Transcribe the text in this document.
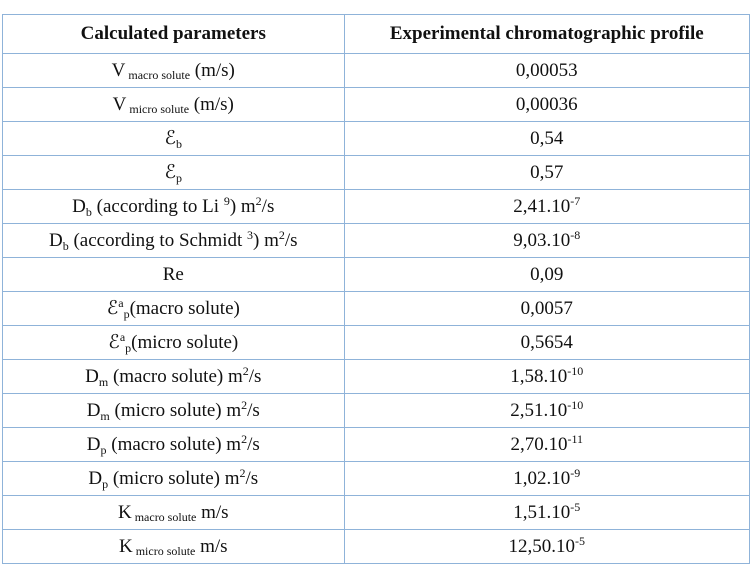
Calculated parameters	Experimental chromatographic profile
V $_{macro solute}$ (m/s)	0,00053
V $_{micro solute}$ (m/s)	0,00036
ℰ$_b$	0,54
ℰ$_p$	0,57
$D_b$ (according to Li $^9$) $m^2/s$	$2,41.10^{-7}$
$D_b$ (according to Schmidt $^3$) $m^2/s$	$9,03.10^{-8}$
Re	0,09
ℰ$^a_p$(macro solute)	0,0057
ℰ$^a_p$(micro solute)	0,5654
$D_m$ (macro solute) $m^2/s$	$1,58.10^{-10}$
$D_m$ (micro solute) $m^2/s$	$2,51.10^{-10}$
$D_p$ (macro solute) $m^2/s$	$2,70.10^{-11}$
$D_p$ (micro solute) $m^2/s$	$1,02.10^{-9}$
K $_{macro solute}$ m/s	$1,51.10^{-5}$
K $_{micro solute}$ m/s	$12,50.10^{-5}$
